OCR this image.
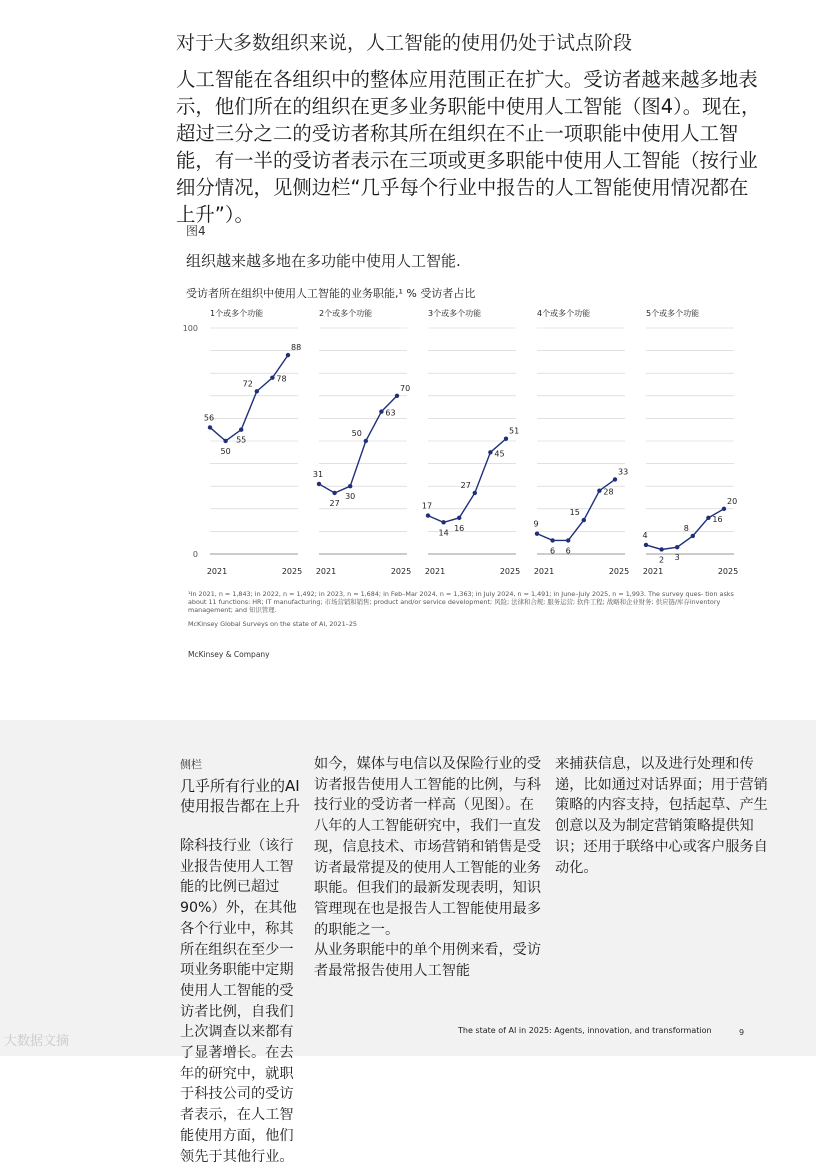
对于大多数组织来说，人工智能的使用仍处于试点阶段
人工智能在各组织中的整体应用范围正在扩大。受访者越来越多地表示，他们所在的组织在更多业务职能中使用人工智能（图4）。现在，超过三分之二的受访者称其所在组织在不止一项职能中使用人工智能，有一半的受访者表示在三项或更多职能中使用人工智能（按行业细分情况，见侧边栏“几乎每个行业中报告的人工智能使用情况都在上升”）。
图4
组织越来越多地在多功能中使用人工智能.
受访者所在组织中使用人工智能的业务职能,¹ % 受访者占比
100
0
1个或多个功能
56
50
55
72
78
88
2021	2025
2个或多个功能
31
27
30
50
63
70
2021	2025
3个或多个功能
17
14
16
27
45
51
2021	2025
4个或多个功能
9
6 6
15
28
33
2021	2025
5个或多个功能
4
2 3
8
16
20
2021	2025
¹In 2021, n = 1,843; in 2022, n = 1,492; in 2023, n = 1,684; in Feb–Mar 2024, n = 1,363; in July 2024, n = 1,491; in June–July 2025, n = 1,993. The survey ques- tion asks about 11 functions: HR; IT manufacturing; 市场营销和销售; product and/or service development; 风险; 法律和合规; 服务运营; 软件工程; 战略和企业财务; 供应链/库存inventory management; and 知识管理.
McKinsey Global Surveys on the state of AI, 2021–25
McKinsey & Company
侧栏
几乎所有行业的AI使用报告都在上升
除科技行业（该行业报告使用人工智能的比例已超过90%）外，在其他各个行业中，称其所在组织在至少一项业务职能中定期使用人工智能的受访者比例，自我们上次调查以来都有了显著增长。在去年的研究中，就职于科技公司的受访者表示，在人工智能使用方面，他们领先于其他行业。
如今，媒体与电信以及保险行业的受访者报告使用人工智能的比例，与科技行业的受访者一样高（见图）。在八年的人工智能研究中，我们一直发现，信息技术、市场营销和销售是受访者最常提及的使用人工智能的业务职能。但我们的最新发现表明，知识管理现在也是报告人工智能使用最多的职能之一。
从业务职能中的单个用例来看，受访者最常报告使用人工智能
来捕获信息，以及进行处理和传递，比如通过对话界面；用于营销策略的内容支持，包括起草、产生创意以及为制定营销策略提供知识；还用于联络中心或客户服务自动化。
The state of AI in 2025: Agents, innovation, and transformation	9
大数据文摘
